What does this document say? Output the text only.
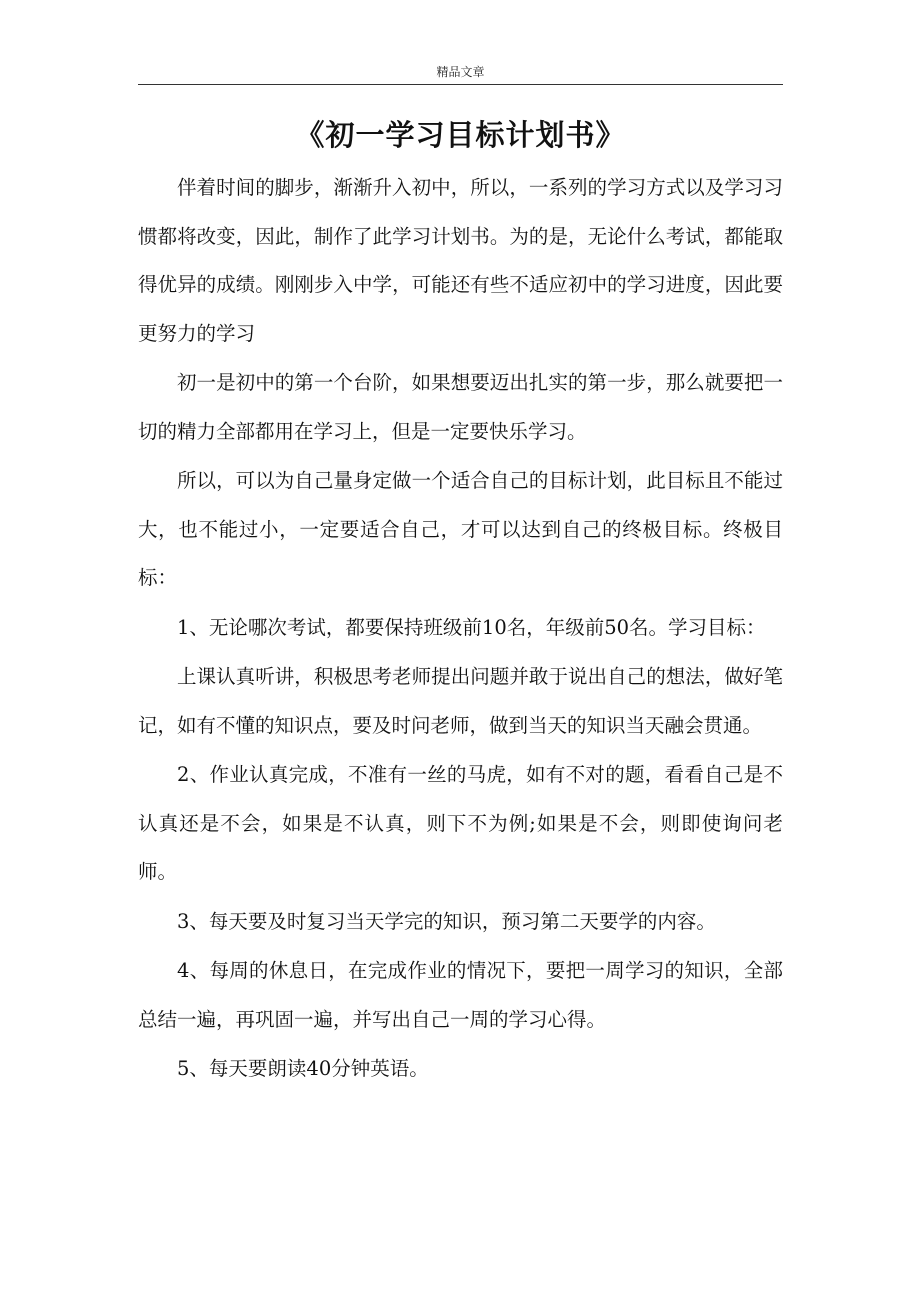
精品文章
《初一学习目标计划书》

伴着时间的脚步，渐渐升入初中，所以，一系列的学习方式以及学习习惯都将改变，因此，制作了此学习计划书。为的是，无论什么考试，都能取得优异的成绩。刚刚步入中学，可能还有些不适应初中的学习进度，因此要更努力的学习

初一是初中的第一个台阶，如果想要迈出扎实的第一步，那么就要把一切的精力全部都用在学习上，但是一定要快乐学习。

所以，可以为自己量身定做一个适合自己的目标计划，此目标且不能过大，也不能过小，一定要适合自己，才可以达到自己的终极目标。终极目标：

1、无论哪次考试，都要保持班级前10名，年级前50名。学习目标：

上课认真听讲，积极思考老师提出问题并敢于说出自己的想法，做好笔记，如有不懂的知识点，要及时问老师，做到当天的知识当天融会贯通。

2、作业认真完成，不准有一丝的马虎，如有不对的题，看看自己是不认真还是不会，如果是不认真，则下不为例;如果是不会，则即使询问老师。

3、每天要及时复习当天学完的知识，预习第二天要学的内容。

4、每周的休息日，在完成作业的情况下，要把一周学习的知识，全部总结一遍，再巩固一遍，并写出自己一周的学习心得。

5、每天要朗读40分钟英语。
